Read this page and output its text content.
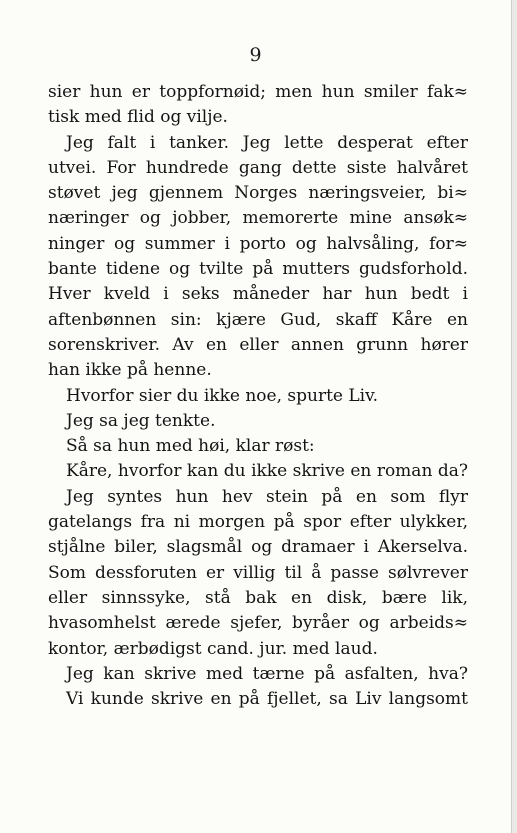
9
sier hun er toppfornøid; men hun smiler fak≈
tisk med flid og vilje.
Jeg falt i tanker. Jeg lette desperat efter
utvei. For hundrede gang dette siste halvåret
støvet jeg gjennem Norges næringsveier, bi≈
næringer og jobber, memorerte mine ansøk≈
ninger og summer i porto og halvsåling, for≈
bante tidene og tvilte på mutters gudsforhold.
Hver kveld i seks måneder har hun bedt i
aftenbønnen sin: kjære Gud, skaff Kåre en
sorenskriver. Av en eller annen grunn hører
han ikke på henne.
Hvorfor sier du ikke noe, spurte Liv.
Jeg sa jeg tenkte.
Så sa hun med høi, klar røst:
Kåre, hvorfor kan du ikke skrive en roman da?
Jeg syntes hun hev stein på en som flyr
gatelangs fra ni morgen på spor efter ulykker,
stjålne biler, slagsmål og dramaer i Akerselva.
Som dessforuten er villig til å passe sølvrever
eller sinnssyke, stå bak en disk, bære lik,
hvasomhelst ærede sjefer, byråer og arbeids≈
kontor, ærbødigst cand. jur. med laud.
Jeg kan skrive med tærne på asfalten, hva?
Vi kunde skrive en på fjellet, sa Liv langsomt
